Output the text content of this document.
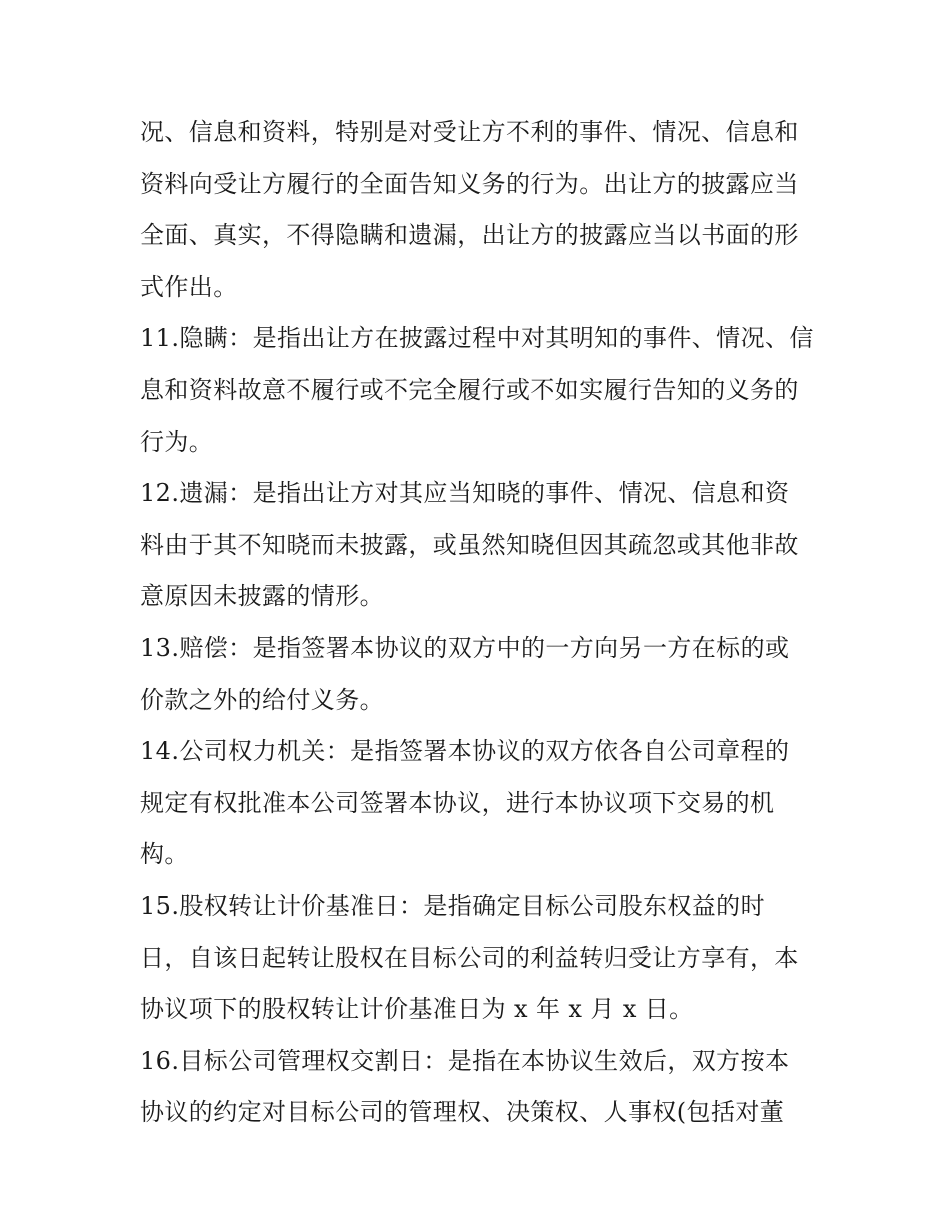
况、信息和资料，特别是对受让方不利的事件、情况、信息和
资料向受让方履行的全面告知义务的行为。出让方的披露应当
全面、真实，不得隐瞒和遗漏，出让方的披露应当以书面的形
式作出。
11.隐瞒：是指出让方在披露过程中对其明知的事件、情况、信
息和资料故意不履行或不完全履行或不如实履行告知的义务的
行为。
12.遗漏：是指出让方对其应当知晓的事件、情况、信息和资
料由于其不知晓而未披露，或虽然知晓但因其疏忽或其他非故
意原因未披露的情形。
13.赔偿：是指签署本协议的双方中的一方向另一方在标的或
价款之外的给付义务。
14.公司权力机关：是指签署本协议的双方依各自公司章程的
规定有权批准本公司签署本协议，进行本协议项下交易的机
构。
15.股权转让计价基准日：是指确定目标公司股东权益的时
日，自该日起转让股权在目标公司的利益转归受让方享有，本
协议项下的股权转让计价基准日为 x 年 x 月 x 日。
16.目标公司管理权交割日：是指在本协议生效后，双方按本
协议的约定对目标公司的管理权、决策权、人事权(包括对董
